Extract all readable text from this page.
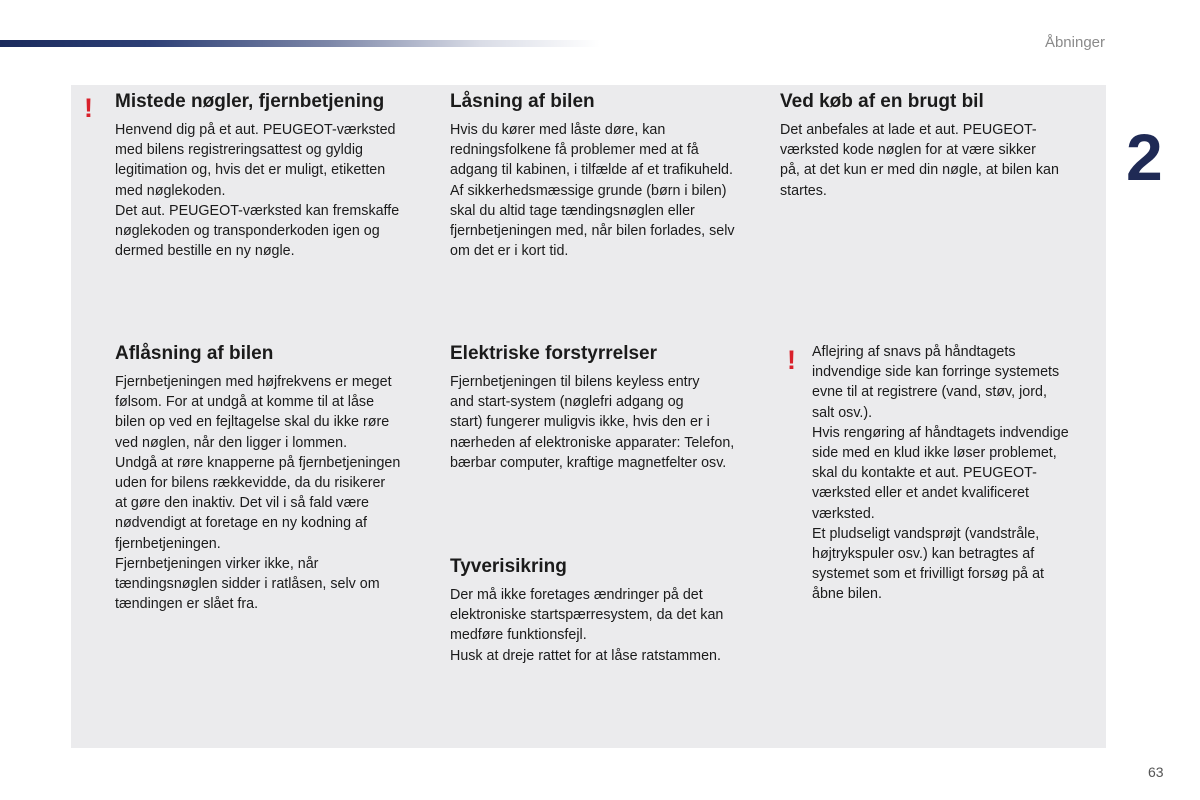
Åbninger
2
! Mistede nøgler, fjernbetjening

Henvend dig på et aut. PEUGEOT-værksted
med bilens registreringsattest og gyldig
legitimation og, hvis det er muligt, etiketten
med nøglekoden.
Det aut. PEUGEOT-værksted kan fremskaffe
nøglekoden og transponderkoden igen og
dermed bestille en ny nøgle.

Låsning af bilen

Hvis du kører med låste døre, kan
redningsfolkene få problemer med at få
adgang til kabinen, i tilfælde af et trafikuheld.
Af sikkerhedsmæssige grunde (børn i bilen)
skal du altid tage tændingsnøglen eller
fjernbetjeningen med, når bilen forlades, selv
om det er i kort tid.

Ved køb af en brugt bil

Det anbefales at lade et aut. PEUGEOT-
værksted kode nøglen for at være sikker
på, at det kun er med din nøgle, at bilen kan
startes.

Aflåsning af bilen

Fjernbetjeningen med højfrekvens er meget
følsom. For at undgå at komme til at låse
bilen op ved en fejltagelse skal du ikke røre
ved nøglen, når den ligger i lommen.
Undgå at røre knapperne på fjernbetjeningen
uden for bilens rækkevidde, da du risikerer
at gøre den inaktiv. Det vil i så fald være
nødvendigt at foretage en ny kodning af
fjernbetjeningen.
Fjernbetjeningen virker ikke, når
tændingsnøglen sidder i ratlåsen, selv om
tændingen er slået fra.

Elektriske forstyrrelser

Fjernbetjeningen til bilens keyless entry
and start-system (nøglefri adgang og
start) fungerer muligvis ikke, hvis den er i
nærheden af elektroniske apparater: Telefon,
bærbar computer, kraftige magnetfelter osv.

Tyverisikring

Der må ikke foretages ændringer på det
elektroniske startspærresystem, da det kan
medføre funktionsfejl.
Husk at dreje rattet for at låse ratstammen.

! Aflejring af snavs på håndtagets
indvendige side kan forringe systemets
evne til at registrere (vand, støv, jord,
salt osv.).
Hvis rengøring af håndtagets indvendige
side med en klud ikke løser problemet,
skal du kontakte et aut. PEUGEOT-
værksted eller et andet kvalificeret
værksted.
Et pludseligt vandsprøjt (vandstråle,
højtrykspuler osv.) kan betragtes af
systemet som et frivilligt forsøg på at
åbne bilen.

63
